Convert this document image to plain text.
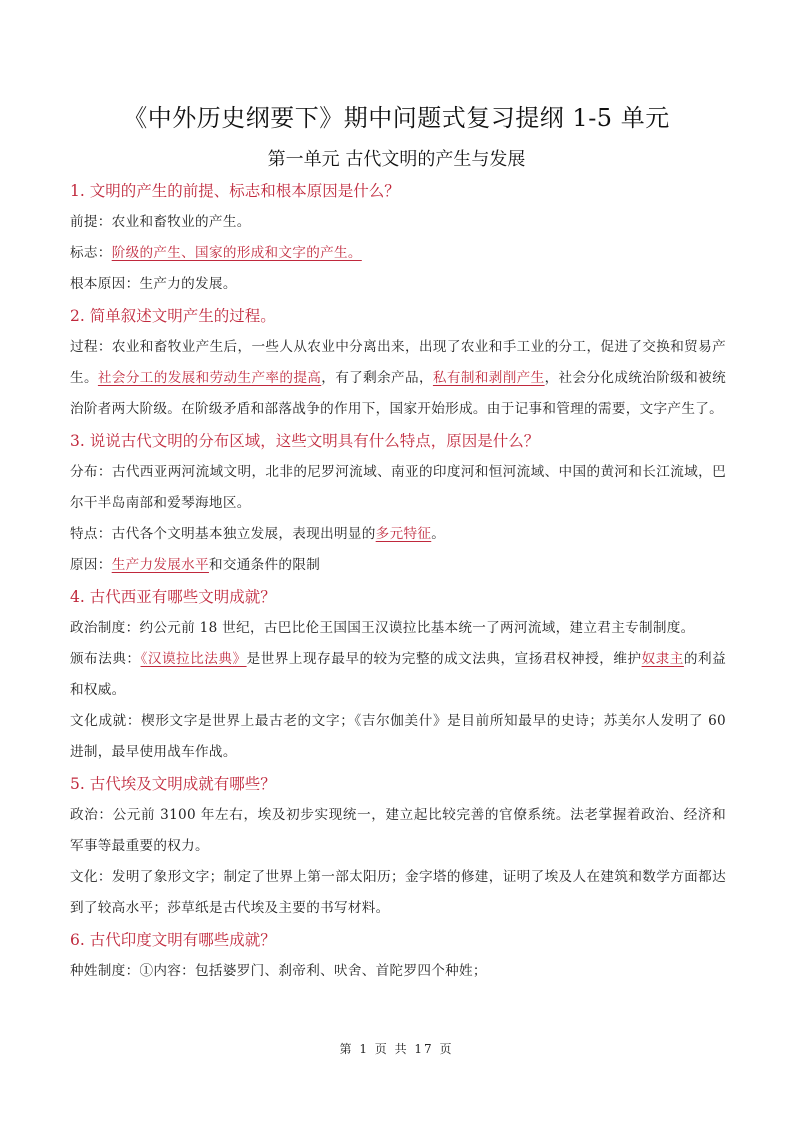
《中外历史纲要下》期中问题式复习提纲 1-5 单元
第一单元 古代文明的产生与发展

1. 文明的产生的前提、标志和根本原因是什么？

前提：农业和畜牧业的产生。

标志：阶级的产生、国家的形成和文字的产生。

根本原因：生产力的发展。

2. 简单叙述文明产生的过程。

过程：农业和畜牧业产生后，一些人从农业中分离出来，出现了农业和手工业的分工，促进了交换和贸易产生。社会分工的发展和劳动生产率的提高，有了剩余产品，私有制和剥削产生，社会分化成统治阶级和被统治阶者两大阶级。在阶级矛盾和部落战争的作用下，国家开始形成。由于记事和管理的需要，文字产生了。

3. 说说古代文明的分布区域，这些文明具有什么特点，原因是什么？

分布：古代西亚两河流域文明，北非的尼罗河流域、南亚的印度河和恒河流域、中国的黄河和长江流域，巴尔干半岛南部和爱琴海地区。

特点：古代各个文明基本独立发展，表现出明显的多元特征。

原因：生产力发展水平和交通条件的限制

4. 古代西亚有哪些文明成就？

政治制度：约公元前 18 世纪，古巴比伦王国国王汉谟拉比基本统一了两河流域，建立君主专制制度。

颁布法典：《汉谟拉比法典》是世界上现存最早的较为完整的成文法典，宣扬君权神授，维护奴隶主的利益和权威。

文化成就：楔形文字是世界上最古老的文字；《吉尔伽美什》是目前所知最早的史诗；苏美尔人发明了 60 进制，最早使用战车作战。

5. 古代埃及文明成就有哪些？

政治：公元前 3100 年左右，埃及初步实现统一，建立起比较完善的官僚系统。法老掌握着政治、经济和军事等最重要的权力。

文化：发明了象形文字；制定了世界上第一部太阳历；金字塔的修建，证明了埃及人在建筑和数学方面都达到了较高水平；莎草纸是古代埃及主要的书写材料。

6. 古代印度文明有哪些成就？

种姓制度：①内容：包括婆罗门、刹帝利、吠舍、首陀罗四个种姓；

第 1 页 共 17 页
